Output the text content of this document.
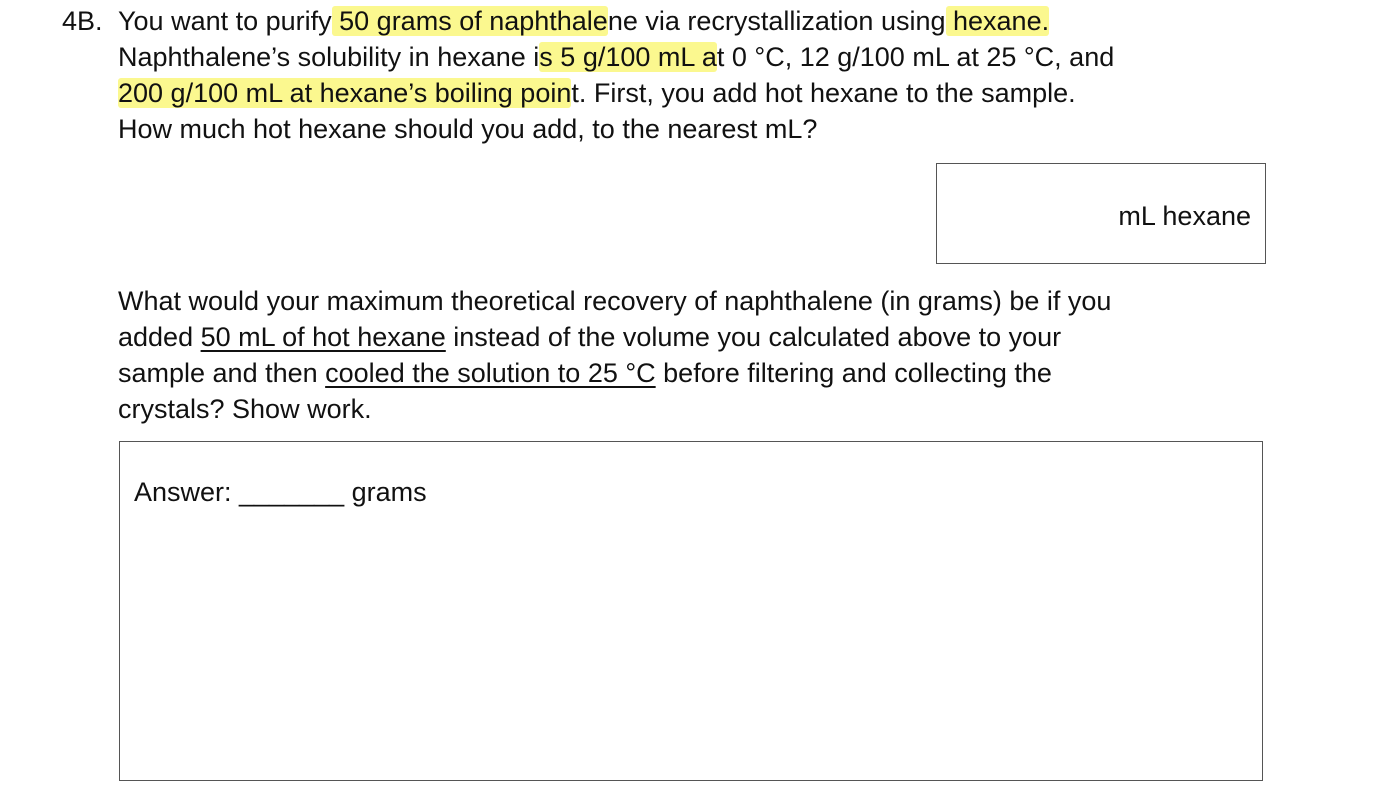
4B. You want to purify 50 grams of naphthalene via recrystallization using hexane.
Naphthalene’s solubility in hexane is 5 g/100 mL at 0 °C, 12 g/100 mL at 25 °C, and
200 g/100 mL at hexane’s boiling point. First, you add hot hexane to the sample.
How much hot hexane should you add, to the nearest mL?
mL hexane
What would your maximum theoretical recovery of naphthalene (in grams) be if you
added 50 mL of hot hexane instead of the volume you calculated above to your
sample and then cooled the solution to 25 °C before filtering and collecting the
crystals? Show work.
Answer: _______ grams
